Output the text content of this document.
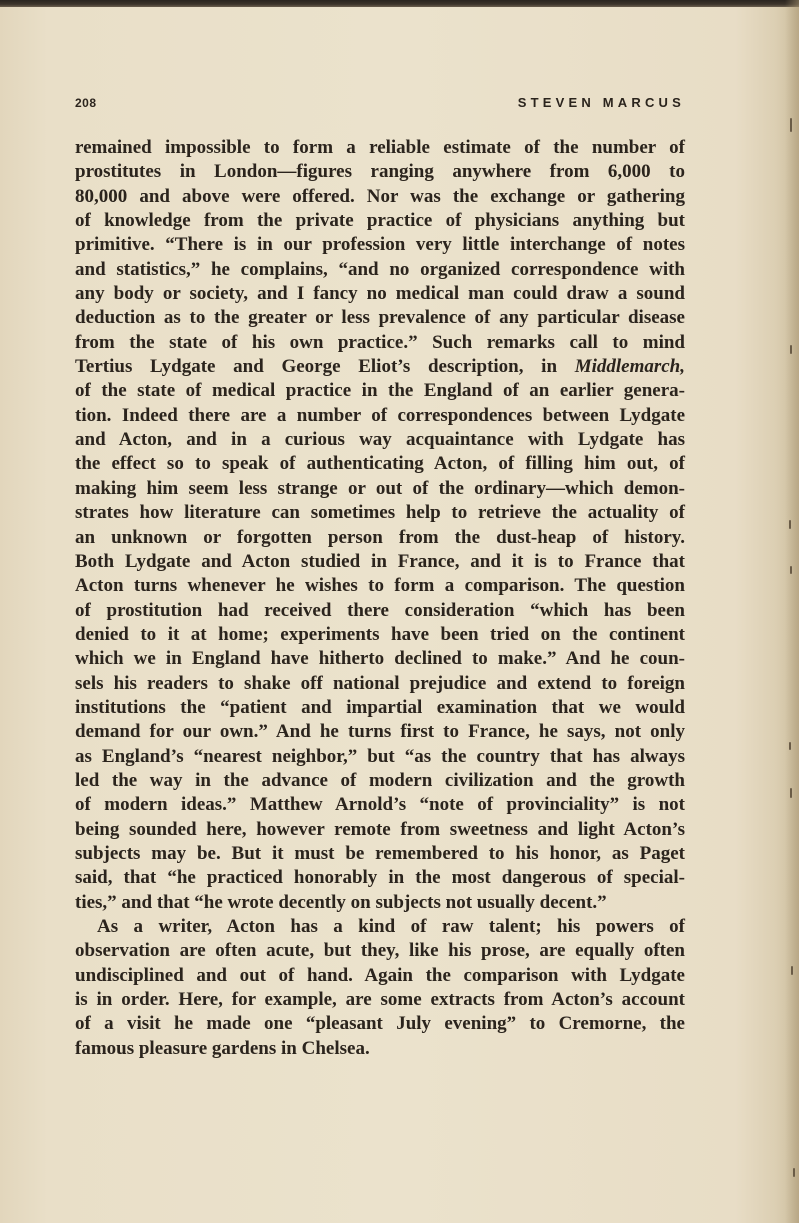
208	STEVEN MARCUS
remained impossible to form a reliable estimate of the number of
prostitutes in London—figures ranging anywhere from 6,000 to
80,000 and above were offered. Nor was the exchange or gathering
of knowledge from the private practice of physicians anything but
primitive. “There is in our profession very little interchange of notes
and statistics,” he complains, “and no organized correspondence with
any body or society, and I fancy no medical man could draw a sound
deduction as to the greater or less prevalence of any particular disease
from the state of his own practice.” Such remarks call to mind
Tertius Lydgate and George Eliot’s description, in Middlemarch,
of the state of medical practice in the England of an earlier genera-
tion. Indeed there are a number of correspondences between Lydgate
and Acton, and in a curious way acquaintance with Lydgate has
the effect so to speak of authenticating Acton, of filling him out, of
making him seem less strange or out of the ordinary—which demon-
strates how literature can sometimes help to retrieve the actuality of
an unknown or forgotten person from the dust-heap of history.
Both Lydgate and Acton studied in France, and it is to France that
Acton turns whenever he wishes to form a comparison. The question
of prostitution had received there consideration “which has been
denied to it at home; experiments have been tried on the continent
which we in England have hitherto declined to make.” And he coun-
sels his readers to shake off national prejudice and extend to foreign
institutions the “patient and impartial examination that we would
demand for our own.” And he turns first to France, he says, not only
as England’s “nearest neighbor,” but “as the country that has always
led the way in the advance of modern civilization and the growth
of modern ideas.” Matthew Arnold’s “note of provinciality” is not
being sounded here, however remote from sweetness and light Acton’s
subjects may be. But it must be remembered to his honor, as Paget
said, that “he practiced honorably in the most dangerous of special-
ties,” and that “he wrote decently on subjects not usually decent.”
As a writer, Acton has a kind of raw talent; his powers of
observation are often acute, but they, like his prose, are equally often
undisciplined and out of hand. Again the comparison with Lydgate
is in order. Here, for example, are some extracts from Acton’s account
of a visit he made one “pleasant July evening” to Cremorne, the
famous pleasure gardens in Chelsea.
